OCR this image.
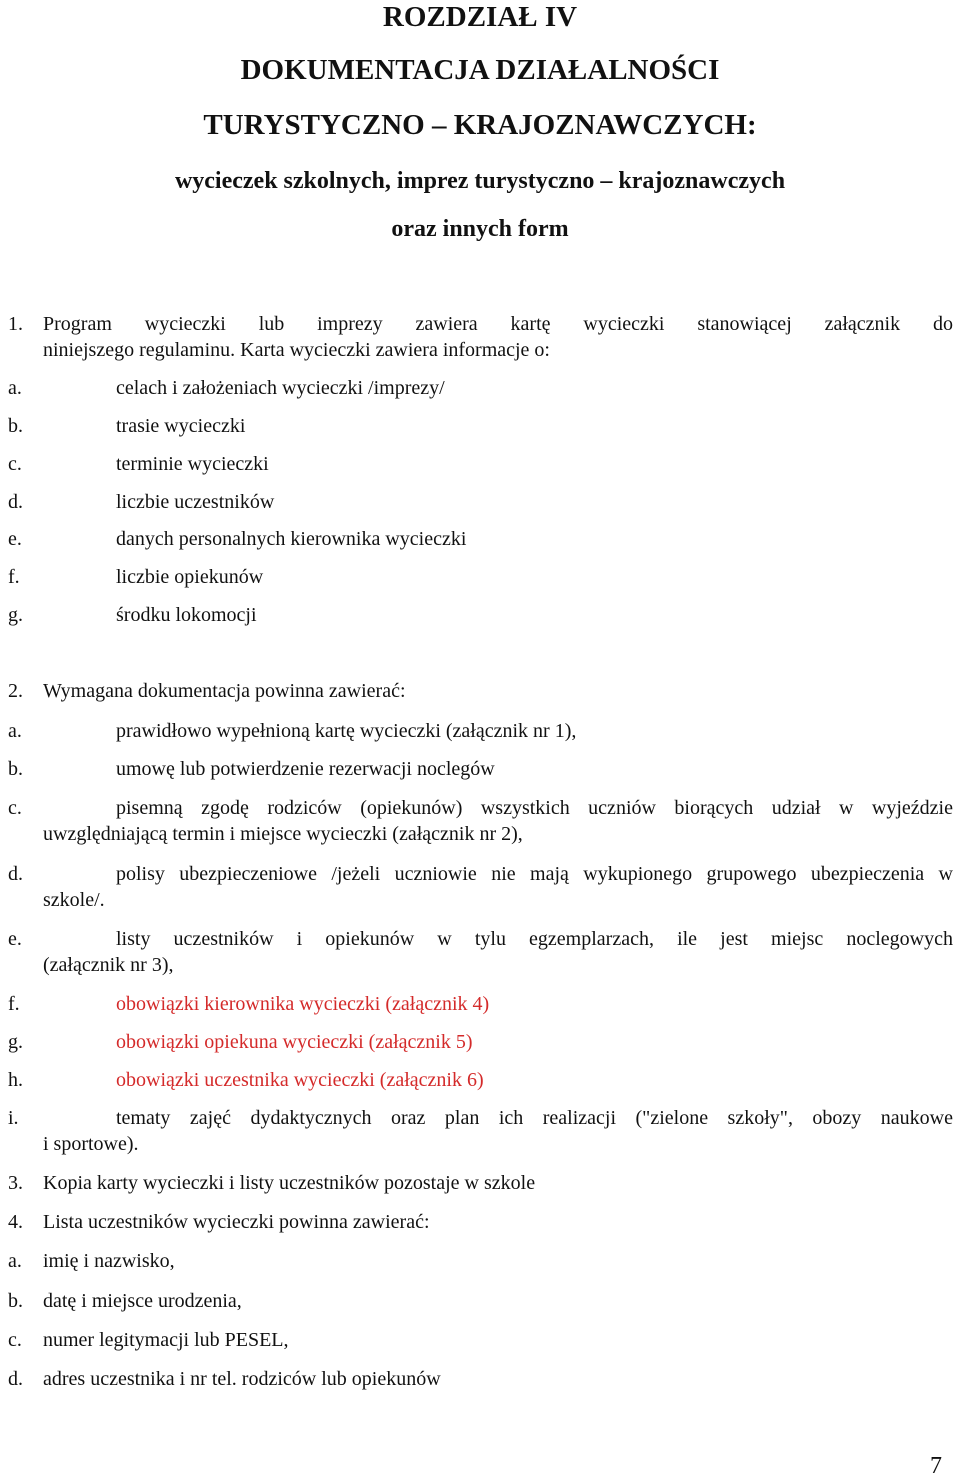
ROZDZIAŁ IV
DOKUMENTACJA DZIAŁALNOŚCI
TURYSTYCZNO – KRAJOZNAWCZYCH:
wycieczek szkolnych, imprez turystyczno – krajoznawczych
oraz innych form
1. Program wycieczki lub imprezy zawiera kartę wycieczki stanowiącej załącznik do
niniejszego regulaminu. Karta wycieczki zawiera informacje o:
a.	celach i założeniach wycieczki /imprezy/
b.	trasie wycieczki
c.	terminie wycieczki
d.	liczbie uczestników
e.	danych personalnych kierownika wycieczki
f.	liczbie opiekunów
g.	środku lokomocji
2. Wymagana dokumentacja powinna zawierać:
a.	prawidłowo wypełnioną kartę wycieczki (załącznik nr 1),
b.	umowę lub potwierdzenie rezerwacji noclegów
c.	pisemną zgodę rodziców (opiekunów) wszystkich uczniów biorących udział w wyjeździe
uwzględniającą termin i miejsce wycieczki (załącznik nr 2),
d.	polisy ubezpieczeniowe /jeżeli uczniowie nie mają wykupionego grupowego ubezpieczenia w
szkole/.
e.	listy uczestników i opiekunów w tylu egzemplarzach, ile jest miejsc noclegowych
(załącznik nr 3),
f.	obowiązki kierownika wycieczki (załącznik 4)
g.	obowiązki opiekuna wycieczki (załącznik 5)
h.	obowiązki uczestnika wycieczki (załącznik 6)
i.	tematy zajęć dydaktycznych oraz plan ich realizacji ("zielone szkoły", obozy naukowe
i sportowe).
3. Kopia karty wycieczki i listy uczestników pozostaje w szkole
4. Lista uczestników wycieczki powinna zawierać:
a. imię i nazwisko,
b. datę i miejsce urodzenia,
c. numer legitymacji lub PESEL,
d. adres uczestnika i nr tel. rodziców lub opiekunów
7
